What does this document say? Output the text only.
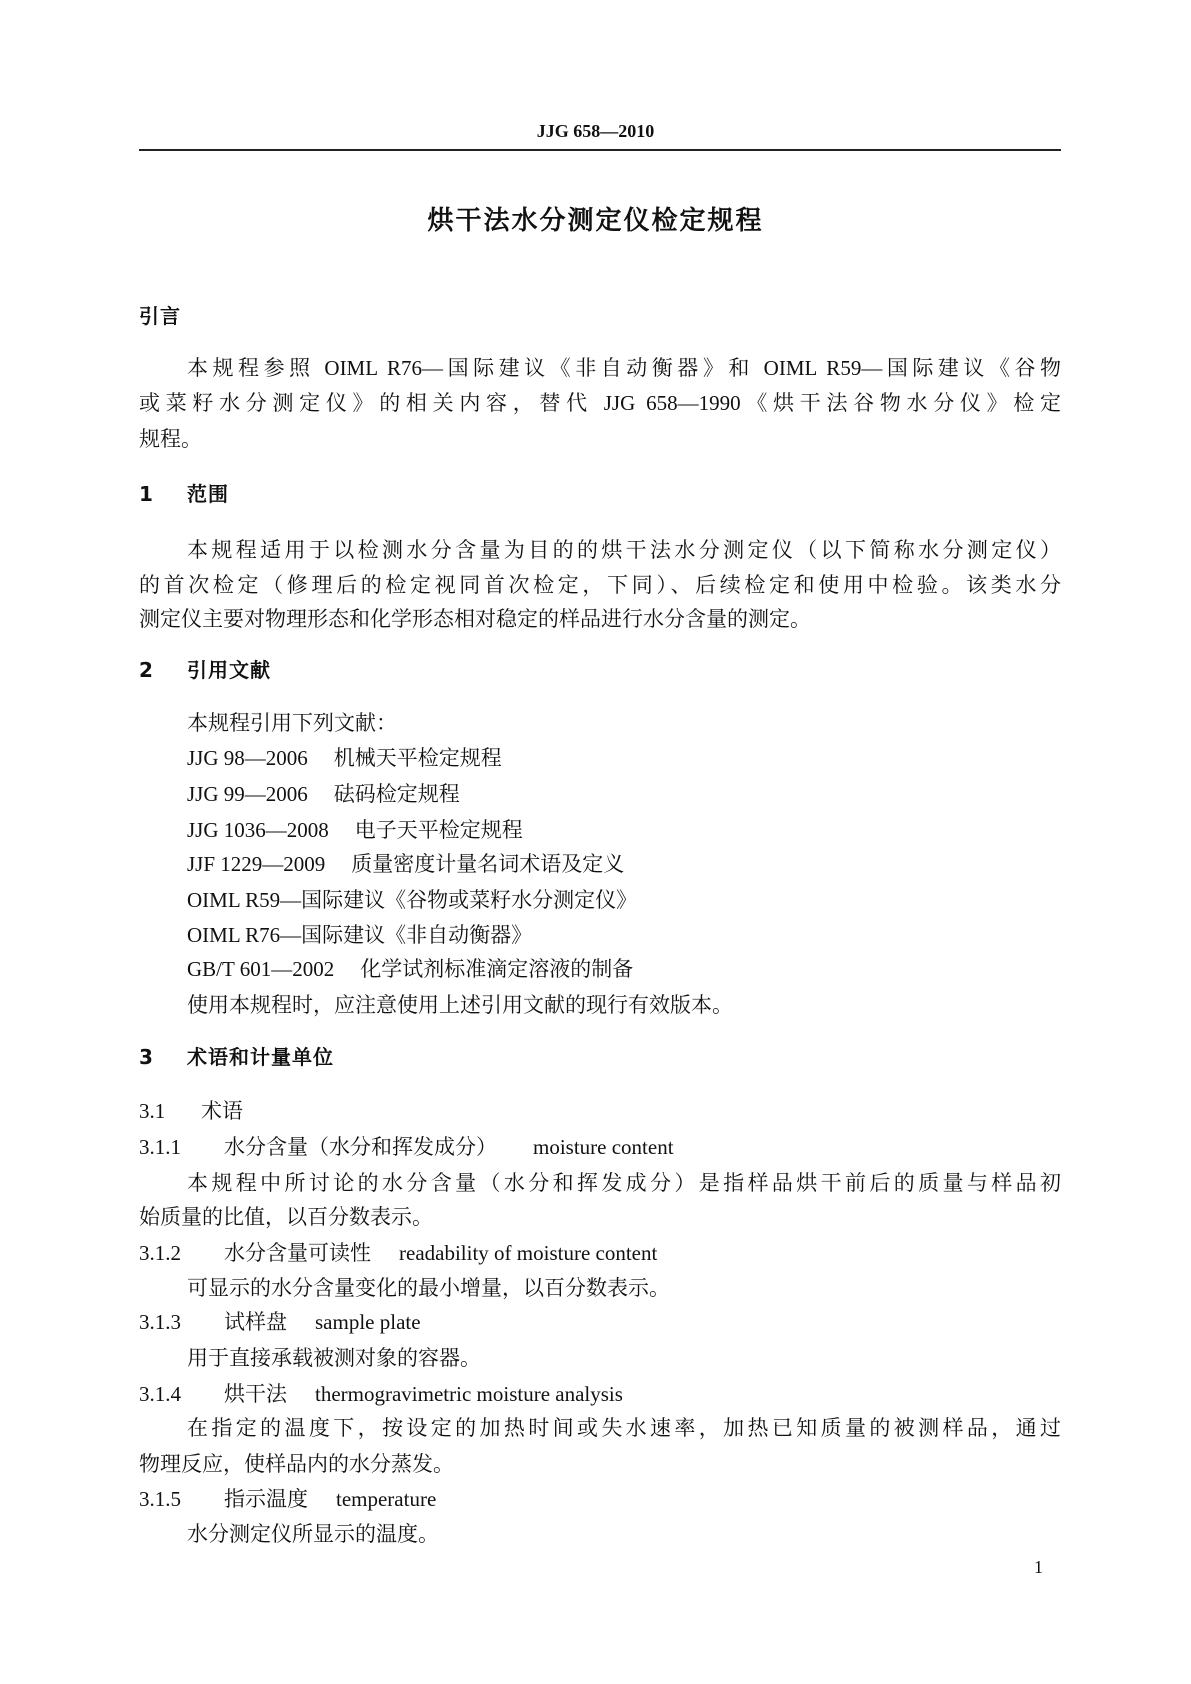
JJG 658—2010
烘干法水分测定仪检定规程
引言
本规程参照 OIML R76—国际建议《非自动衡器》和 OIML R59—国际建议《谷物
或菜籽水分测定仪》的相关内容，替代 JJG 658—1990《烘干法谷物水分仪》检定
规程。
1 范围
本规程适用于以检测水分含量为目的的烘干法水分测定仪（以下简称水分测定仪）
的首次检定（修理后的检定视同首次检定，下同）、后续检定和使用中检验。该类水分
测定仪主要对物理形态和化学形态相对稳定的样品进行水分含量的测定。
2 引用文献
本规程引用下列文献：
JJG 98—2006 机械天平检定规程
JJG 99—2006 砝码检定规程
JJG 1036—2008 电子天平检定规程
JJF 1229—2009 质量密度计量名词术语及定义
OIML R59—国际建议《谷物或菜籽水分测定仪》
OIML R76—国际建议《非自动衡器》
GB/T 601—2002 化学试剂标准滴定溶液的制备
使用本规程时，应注意使用上述引用文献的现行有效版本。
3 术语和计量单位
3.1 术语
3.1.1 水分含量（水分和挥发成分） moisture content
本规程中所讨论的水分含量（水分和挥发成分）是指样品烘干前后的质量与样品初
始质量的比值，以百分数表示。
3.1.2 水分含量可读性 readability of moisture content
可显示的水分含量变化的最小增量，以百分数表示。
3.1.3 试样盘 sample plate
用于直接承载被测对象的容器。
3.1.4 烘干法 thermogravimetric moisture analysis
在指定的温度下，按设定的加热时间或失水速率，加热已知质量的被测样品，通过
物理反应，使样品内的水分蒸发。
3.1.5 指示温度 temperature
水分测定仪所显示的温度。
1
